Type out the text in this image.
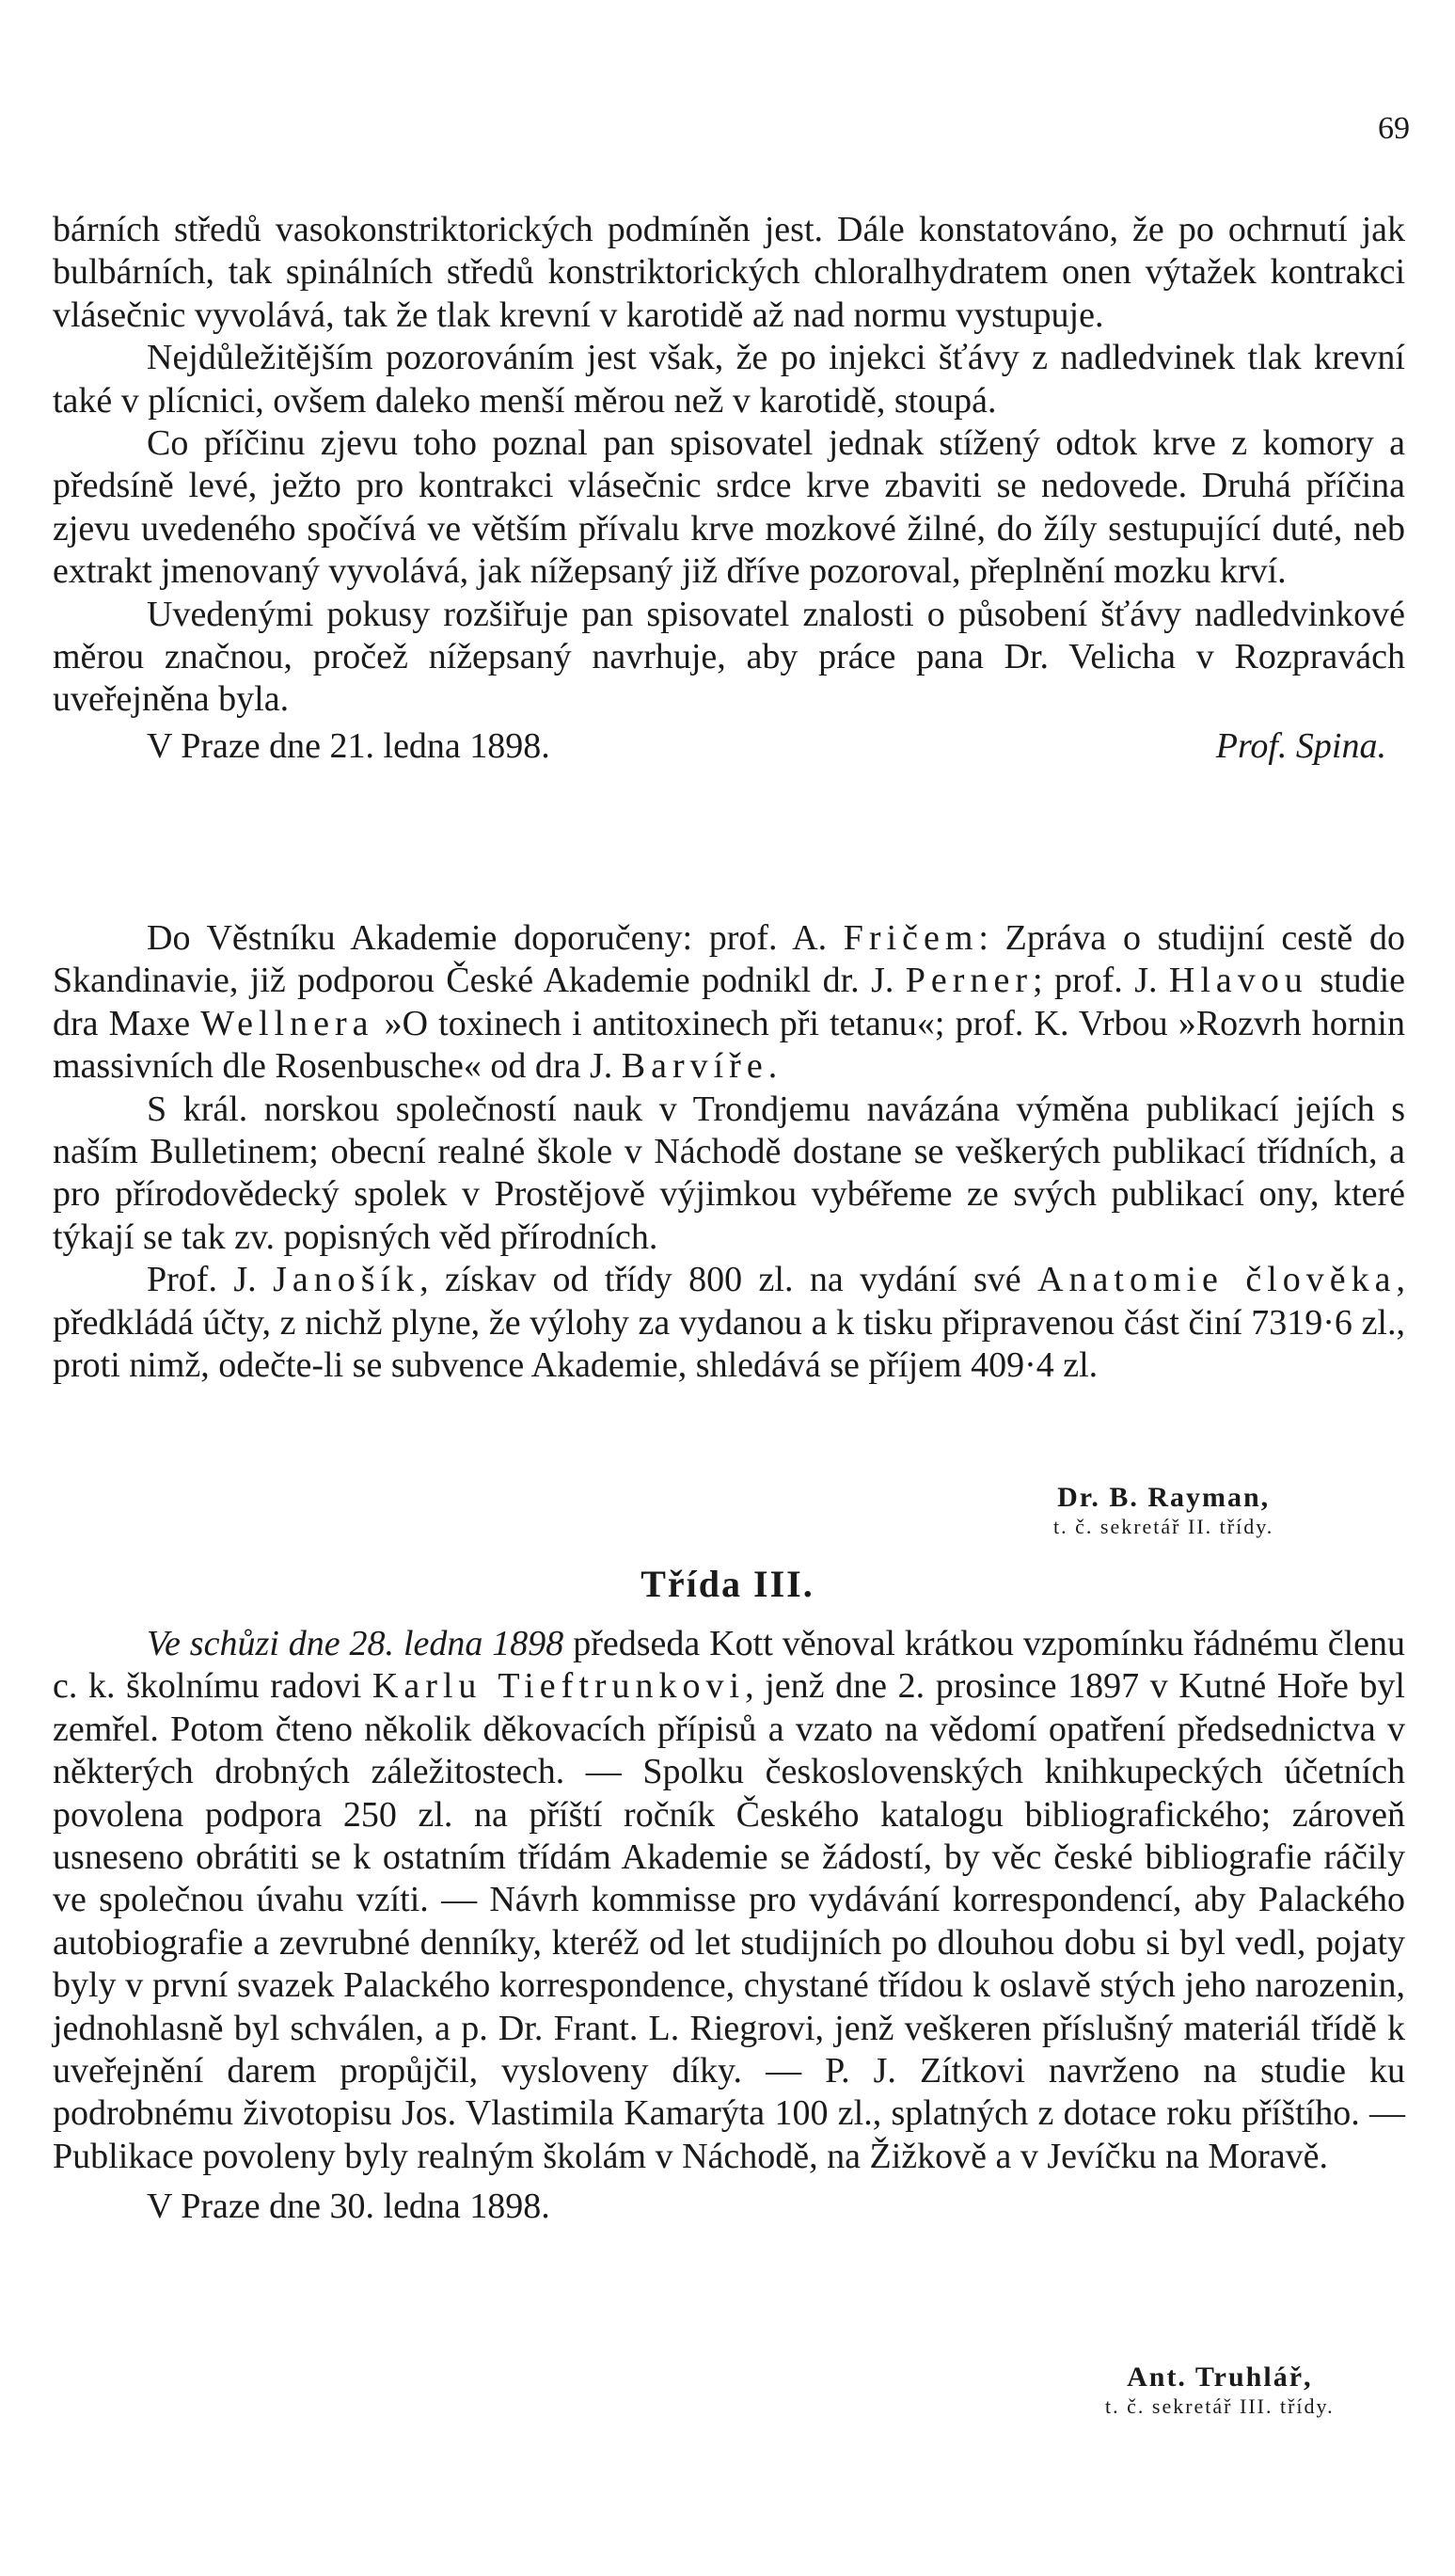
69

bárních středů vasokonstriktorických podmíněn jest. Dále konstatováno, že po ochrnutí jak bulbárních, tak spinálních středů konstriktorických chloralhydratem onen výtažek kontrakci vlásečnic vyvolává, tak že tlak krevní v karotidě až nad normu vystupuje.

Nejdůležitějším pozorováním jest však, že po injekci šťávy z nadledvinek tlak krevní také v plícnici, ovšem daleko menší měrou než v karotidě, stoupá.

Co příčinu zjevu toho poznal pan spisovatel jednak stížený odtok krve z komory a předsíně levé, ježto pro kontrakci vlásečnic srdce krve zbaviti se nedovede. Druhá příčina zjevu uvedeného spočívá ve větším přívalu krve mozkové žilné, do žíly sestupující duté, neb extrakt jmenovaný vyvolává, jak nížepsaný již dříve pozoroval, přeplnění mozku krví.

Uvedenými pokusy rozšiřuje pan spisovatel znalosti o působení šťávy nadledvinkové měrou značnou, pročež nížepsaný navrhuje, aby práce pana Dr. Velicha v Rozpravách uveřejněna byla.

V Praze dne 21. ledna 1898.	Prof. Spina.

Do Věstníku Akademie doporučeny: prof. A. Fričem: Zpráva o studijní cestě do Skandinavie, již podporou České Akademie podnikl dr. J. Perner; prof. J. Hlavou studie dra Maxe Wellnera »O toxinech i antitoxinech při tetanu«; prof. K. Vrbou »Rozvrh hornin massivních dle Rosenbusche« od dra J. Barvíře.

S král. norskou společností nauk v Trondjemu navázána výměna publikací jejích s naším Bulletinem; obecní realné škole v Náchodě dostane se veškerých publikací třídních, a pro přírodovědecký spolek v Prostějově výjimkou vybéřeme ze svých publikací ony, které týkají se tak zv. popisných věd přírodních.

Prof. J. Janošík, získav od třídy 800 zl. na vydání své Anatomie člověka, předkládá účty, z nichž plyne, že výlohy za vydanou a k tisku připravenou část činí 7319·6 zl., proti nimž, odečte-li se subvence Akademie, shledává se příjem 409·4 zl.

Dr. B. Rayman,
t. č. sekretář II. třídy.
Třída III.

Ve schůzi dne 28. ledna 1898 předseda Kott věnoval krátkou vzpomínku řádnému členu c. k. školnímu radovi Karlu Tieftrunkovi, jenž dne 2. prosince 1897 v Kutné Hoře byl zemřel. Potom čteno několik děkovacích přípisů a vzato na vědomí opatření předsednictva v některých drobných záležitostech. — Spolku československých knihkupeckých účetních povolena podpora 250 zl. na příští ročník Českého katalogu bibliografického; zároveň usneseno obrátiti se k ostatním třídám Akademie se žádostí, by věc české bibliografie ráčily ve společnou úvahu vzíti. — Návrh kommisse pro vydávání korrespondencí, aby Palackého autobiografie a zevrubné denníky, kteréž od let studijních po dlouhou dobu si byl vedl, pojaty byly v první svazek Palackého korrespondence, chystané třídou k oslavě stých jeho narozenin, jednohlasně byl schválen, a p. Dr. Frant. L. Riegrovi, jenž veškeren příslušný materiál třídě k uveřejnění darem propůjčil, vysloveny díky. — P. J. Zítkovi navrženo na studie ku podrobnému životopisu Jos. Vlastimila Kamarýta 100 zl., splatných z dotace roku příštího. — Publikace povoleny byly realným školám v Náchodě, na Žižkově a v Jevíčku na Moravě.

V Praze dne 30. ledna 1898.

Ant. Truhlář,
t. č. sekretář III. třídy.
